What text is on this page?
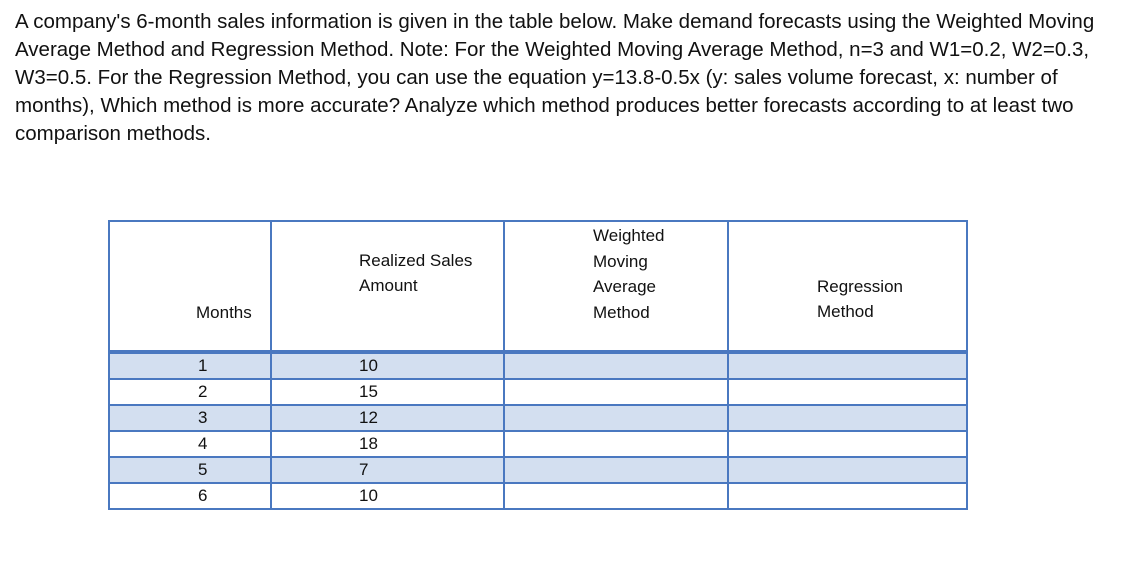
A company's 6-month sales information is given in the table below. Make demand forecasts using the Weighted Moving Average Method and Regression Method. Note: For the Weighted Moving Average Method, n=3 and W1=0.2, W2=0.3, W3=0.5. For the Regression Method, you can use the equation y=13.8-0.5x (y: sales volume forecast, x: number of months), Which method is more accurate? Analyze which method produces better forecasts according to at least two comparison methods.

Months	Realized Sales Amount	Weighted Moving Average Method	Regression Method

1	10		
2	15		
3	12		
4	18		
5	7		
6	10		
